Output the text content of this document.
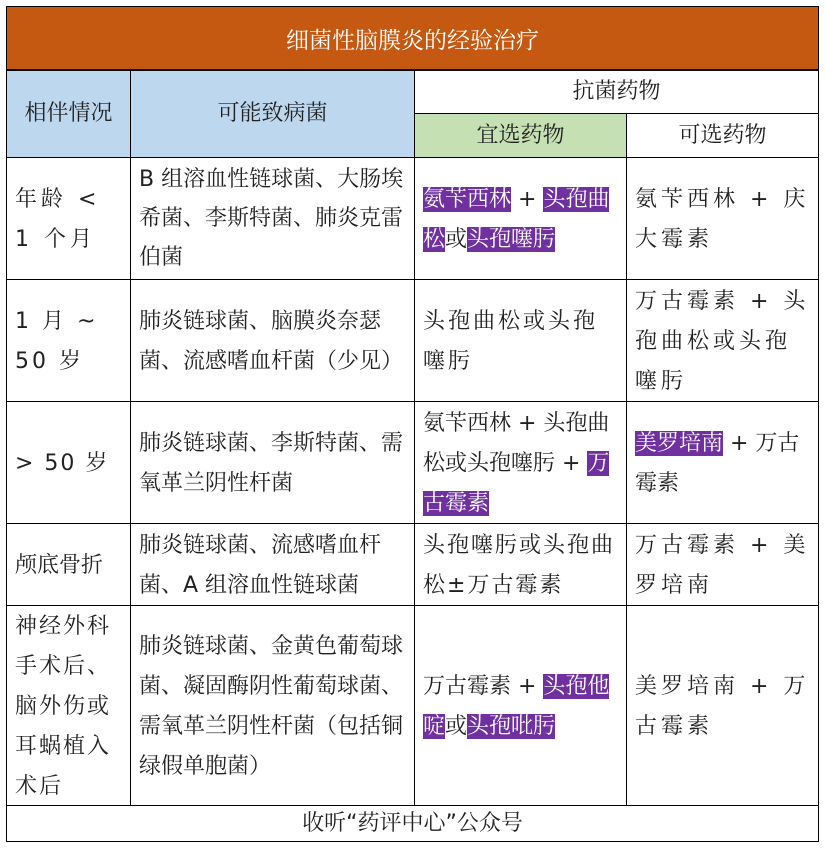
细菌性脑膜炎的经验治疗
相伴情况	可能致病菌
抗菌药物
宜选药物	可选药物
年龄 < 1 个月
B 组溶血性链球菌、大肠埃希菌、李斯特菌、肺炎克雷伯菌
氨苄西林 + 头孢曲松或头孢噻肟
氨苄西林 + 庆大霉素
1 月 ~ 50 岁
肺炎链球菌、脑膜炎奈瑟菌、流感嗜血杆菌（少见）
头孢曲松或头孢噻肟
万古霉素 + 头孢曲松或头孢噻肟
> 50 岁
肺炎链球菌、李斯特菌、需氧革兰阴性杆菌
氨苄西林 + 头孢曲松或头孢噻肟 + 万古霉素
美罗培南 + 万古霉素
颅底骨折
肺炎链球菌、流感嗜血杆菌、A 组溶血性链球菌
头孢噻肟或头孢曲松±万古霉素
万古霉素 + 美罗培南
神经外科手术后、脑外伤或耳蜗植入术后
肺炎链球菌、金黄色葡萄球菌、凝固酶阴性葡萄球菌、需氧革兰阴性杆菌（包括铜绿假单胞菌）
万古霉素 + 头孢他啶或头孢吡肟
美罗培南 + 万古霉素
收听“药评中心”公众号
